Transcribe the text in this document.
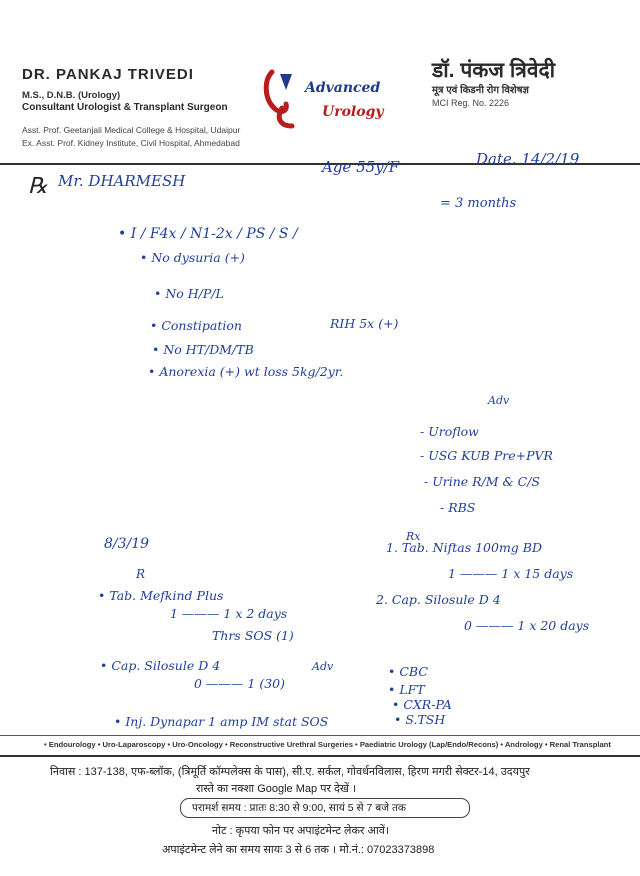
DR. PANKAJ TRIVEDI
M.S., D.N.B. (Urology)
Consultant Urologist & Transplant Surgeon
Asst. Prof. Geetanjali Medical College & Hospital, Udaipur
Ex. Asst. Prof. Kidney Institute, Civil Hospital, Ahmedabad
Advanced
Urology
डॉ. पंकज त्रिवेदी
मूत्र एवं किडनी रोग विशेषज्ञ
MCI Reg. No. 2226
℞ Mr. DHARMESH
Age 55y/F	Date. 14/2/19
• I / F4x / N1-2x / PS / S /
= 3 months
• No dysuria (+)
• No H/P/L
• Constipation	RIH 5x (+)
• No HT/DM/TB
• Anorexia (+) wt loss 5kg/2yr.
Adv
- Uroflow
- USG KUB Pre+PVR
- Urine R/M & C/S
- RBS
8/3/19
R
• Tab. Mefkind Plus
1 ——— 1 x 2 days
Thrs SOS (1)
• Cap. Silosule D 4
0 ——— 1 (30)
• Inj. Dynapar 1 amp IM stat SOS
Adv	• CBC
• LFT
• CXR-PA
• S.TSH
Rx
1. Tab. Niftas 100mg BD
1 ——— 1 x 15 days
2. Cap. Silosule D 4
0 ——— 1 x 20 days
• Endourology • Uro-Laparoscopy • Uro-Oncology • Reconstructive Urethral Surgeries • Paediatric Urology (Lap/Endo/Recons) • Andrology • Renal Transplant
निवास : 137-138, एफ-ब्लॉक, (त्रिमूर्ति कॉम्पलेक्स के पास), सी.ए. सर्कल, गोवर्धनविलास, हिरण मगरी सेक्टर-14, उदयपुर
रास्ते का नक्शा Google Map पर देखें ।
परामर्श समय : प्रातः 8:30 से 9:00, सायं 5 से 7 बजे तक
नोट : कृपया फोन पर अपाइंटमेन्ट लेकर आवें।
अपाइंटमेन्ट लेने का समय सायः 3 से 6 तक । मो.नं.: 07023373898
